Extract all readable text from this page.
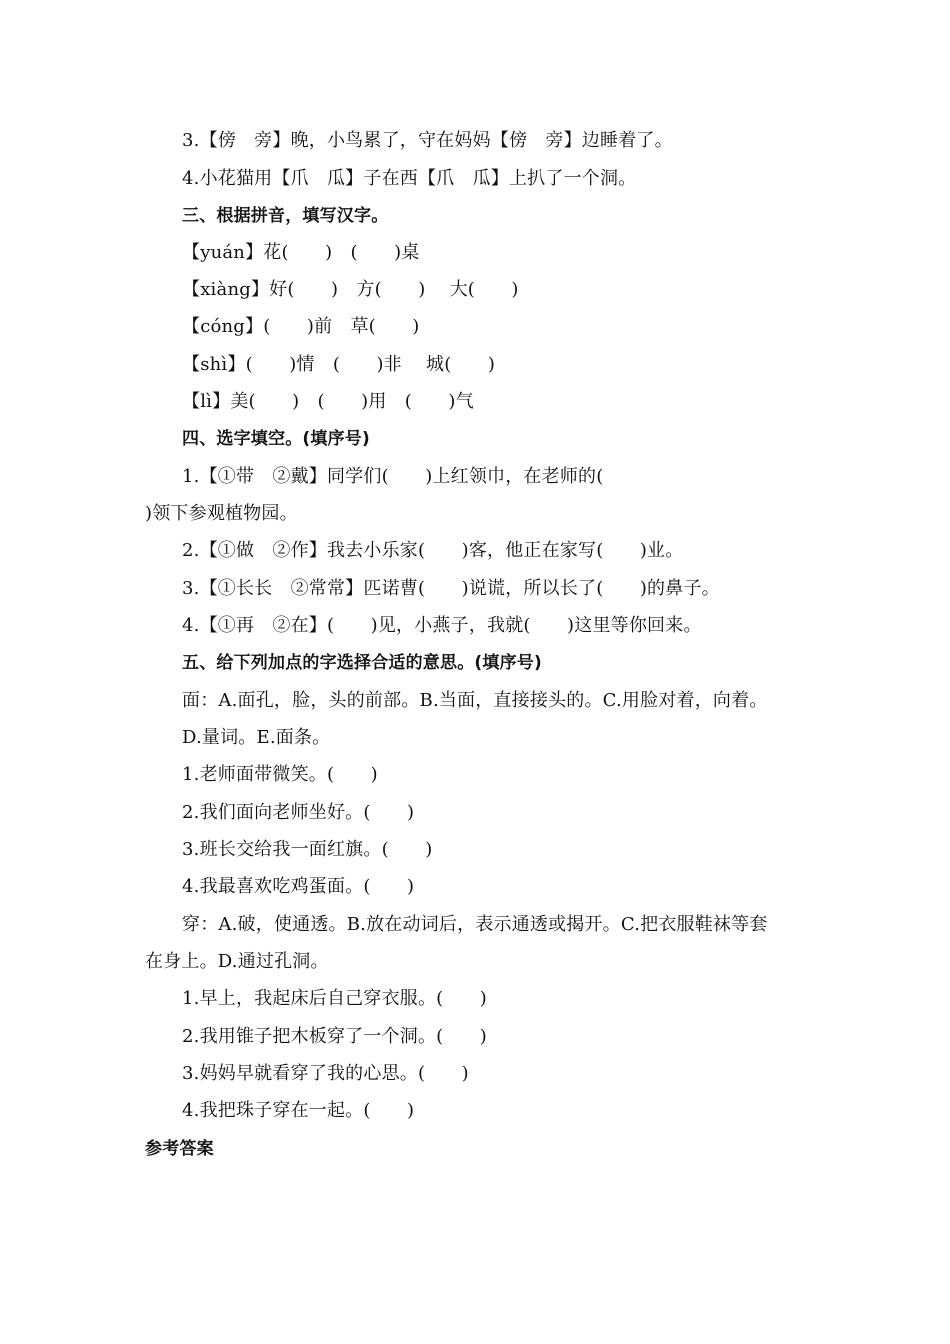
3.【傍　旁】晚，小鸟累了，守在妈妈【傍　旁】边睡着了。
4.小花猫用【爪　瓜】子在西【爪　瓜】上扒了一个洞。
三、根据拼音，填写汉字。
【yuán】花(　　)　(　　)桌
【xiàng】好(　　)　方(　　)　 大(　　)
【cóng】(　　)前　草(　　)
【shì】(　　)情　(　　)非　 城(　　)
【lì】美(　　)　(　　)用　(　　)气
四、选字填空。(填序号)
1.【①带　②戴】同学们(　　)上红领巾，在老师的(
)领下参观植物园。
2.【①做　②作】我去小乐家(　　)客，他正在家写(　　)业。
3.【①长长　②常常】匹诺曹(　　)说谎，所以长了(　　)的鼻子。
4.【①再　②在】(　　)见，小燕子，我就(　　)这里等你回来。
五、给下列加点的字选择合适的意思。(填序号)
面：A.面孔，脸，头的前部。B.当面，直接接头的。C.用脸对着，向着。
D.量词。E.面条。
1.老师面带微笑。(　　)
2.我们面向老师坐好。(　　)
3.班长交给我一面红旗。(　　)
4.我最喜欢吃鸡蛋面。(　　)
穿：A.破，使通透。B.放在动词后，表示通透或揭开。C.把衣服鞋袜等套
在身上。D.通过孔洞。
1.早上，我起床后自己穿衣服。(　　)
2.我用锥子把木板穿了一个洞。(　　)
3.妈妈早就看穿了我的心思。(　　)
4.我把珠子穿在一起。(　　)
参考答案
